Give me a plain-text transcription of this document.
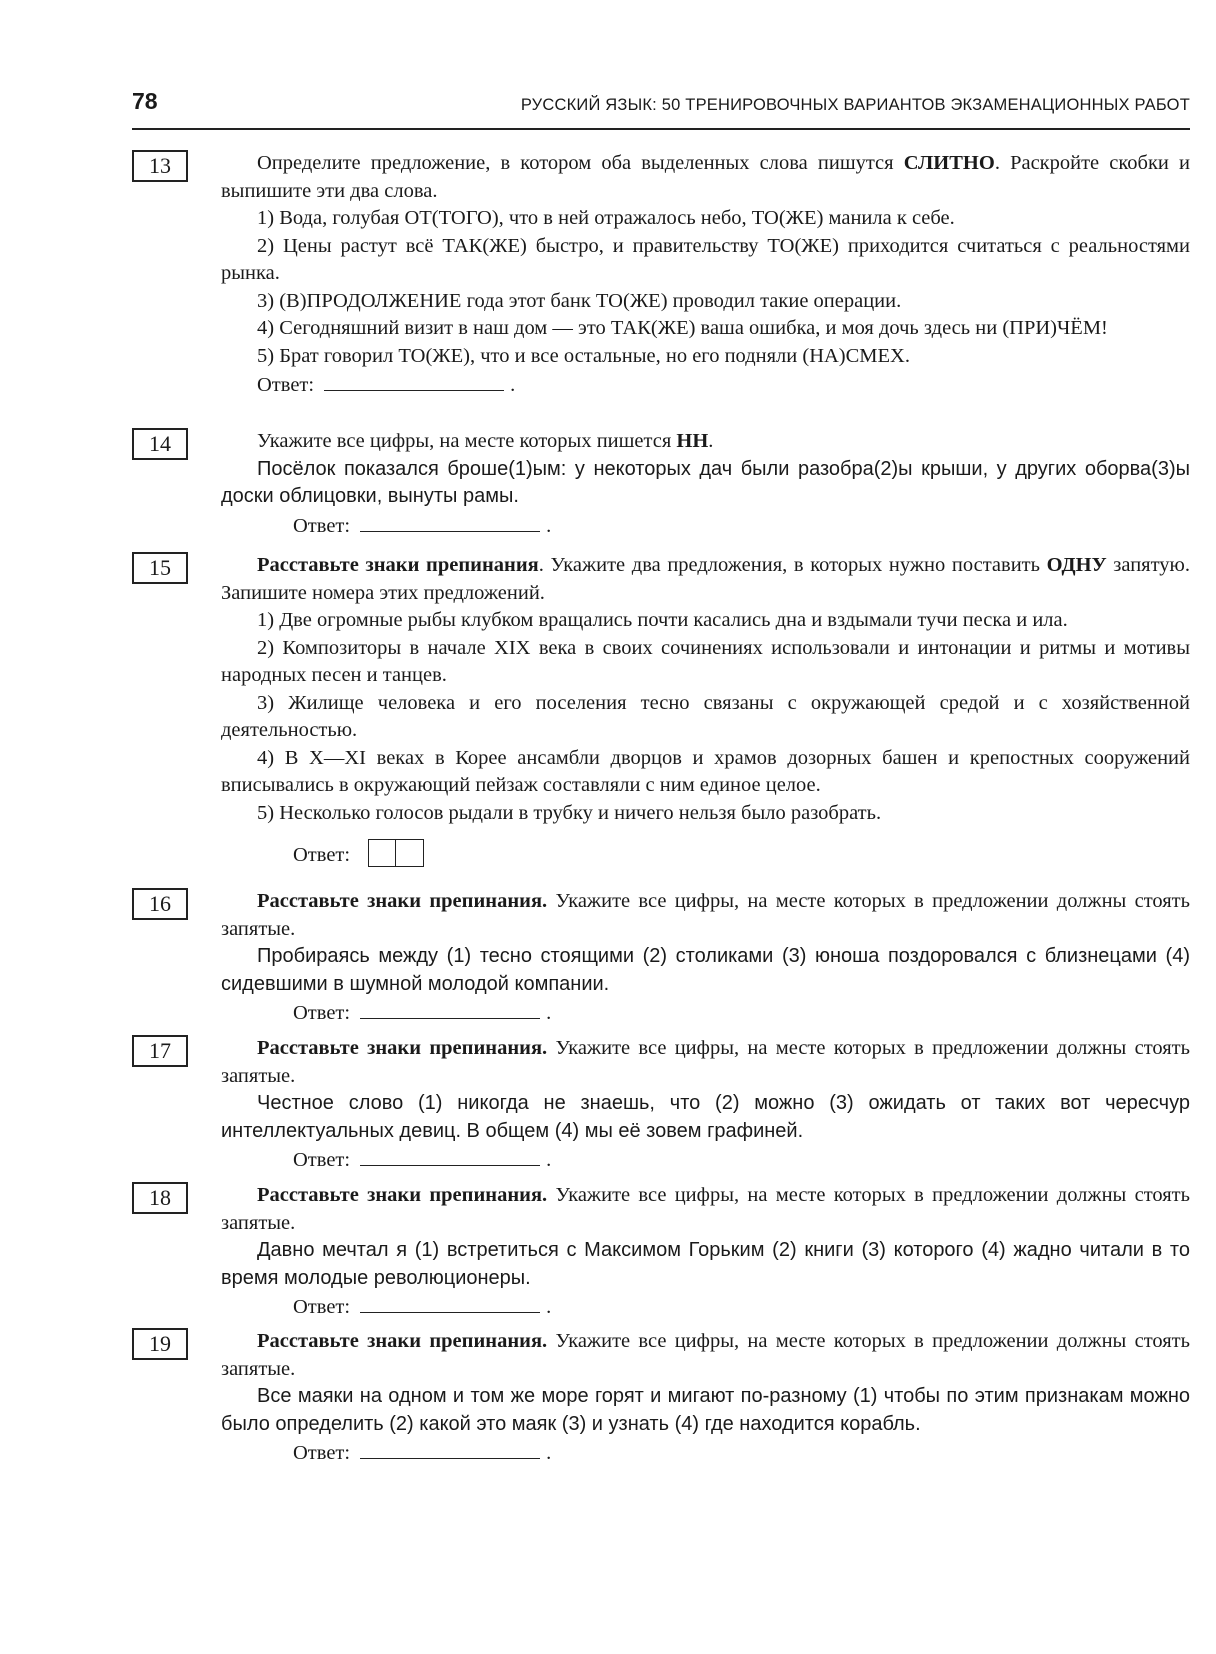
78	РУССКИЙ ЯЗЫК: 50 ТРЕНИРОВОЧНЫХ ВАРИАНТОВ ЭКЗАМЕНАЦИОННЫХ РАБОТ
13	Определите предложение, в котором оба выделенных слова пишутся СЛИТНО. Раскройте скобки и выпишите эти два слова.

1) Вода, голубая ОТ(ТОГО), что в ней отражалось небо, ТО(ЖЕ) манила к себе.

2) Цены растут всё ТАК(ЖЕ) быстро, и правительству ТО(ЖЕ) приходится считаться с реальностями рынка.

3) (В)ПРОДОЛЖЕНИЕ года этот банк ТО(ЖЕ) проводил такие операции.

4) Сегодняшний визит в наш дом — это ТАК(ЖЕ) ваша ошибка, и моя дочь здесь ни (ПРИ)ЧЁМ!

5) Брат говорил ТО(ЖЕ), что и все остальные, но его подняли (НА)СМЕХ.

Ответ:	.
14	Укажите все цифры, на месте которых пишется НН.

Посёлок показался броше(1)ым: у некоторых дач были разобра(2)ы крыши, у других оборва(3)ы доски облицовки, вынуты рамы.

Ответ:	.
15	Расставьте знаки препинания. Укажите два предложения, в которых нужно поставить ОДНУ запятую. Запишите номера этих предложений.

1) Две огромные рыбы клубком вращались почти касались дна и вздымали тучи песка и ила.

2) Композиторы в начале XIX века в своих сочинениях использовали и интонации и ритмы и мотивы народных песен и танцев.

3) Жилище человека и его поселения тесно связаны с окружающей средой и с хозяйственной деятельностью.

4) В X—XI веках в Корее ансамбли дворцов и храмов дозорных башен и крепостных сооружений вписывались в окружающий пейзаж составляли с ним единое целое.

5) Несколько голосов рыдали в трубку и ничего нельзя было разобрать.

Ответ:
16	Расставьте знаки препинания. Укажите все цифры, на месте которых в предложении должны стоять запятые.

Пробираясь между (1) тесно стоящими (2) столиками (3) юноша поздоровался с близнецами (4) сидевшими в шумной молодой компании.

Ответ:	.
17	Расставьте знаки препинания. Укажите все цифры, на месте которых в предложении должны стоять запятые.

Честное слово (1) никогда не знаешь, что (2) можно (3) ожидать от таких вот чересчур интеллектуальных девиц. В общем (4) мы её зовем графиней.

Ответ:	.
18	Расставьте знаки препинания. Укажите все цифры, на месте которых в предложении должны стоять запятые.

Давно мечтал я (1) встретиться с Максимом Горьким (2) книги (3) которого (4) жадно читали в то время молодые революционеры.

Ответ:	.
19	Расставьте знаки препинания. Укажите все цифры, на месте которых в предложении должны стоять запятые.

Все маяки на одном и том же море горят и мигают по-разному (1) чтобы по этим признакам можно было определить (2) какой это маяк (3) и узнать (4) где находится корабль.

Ответ:	.
